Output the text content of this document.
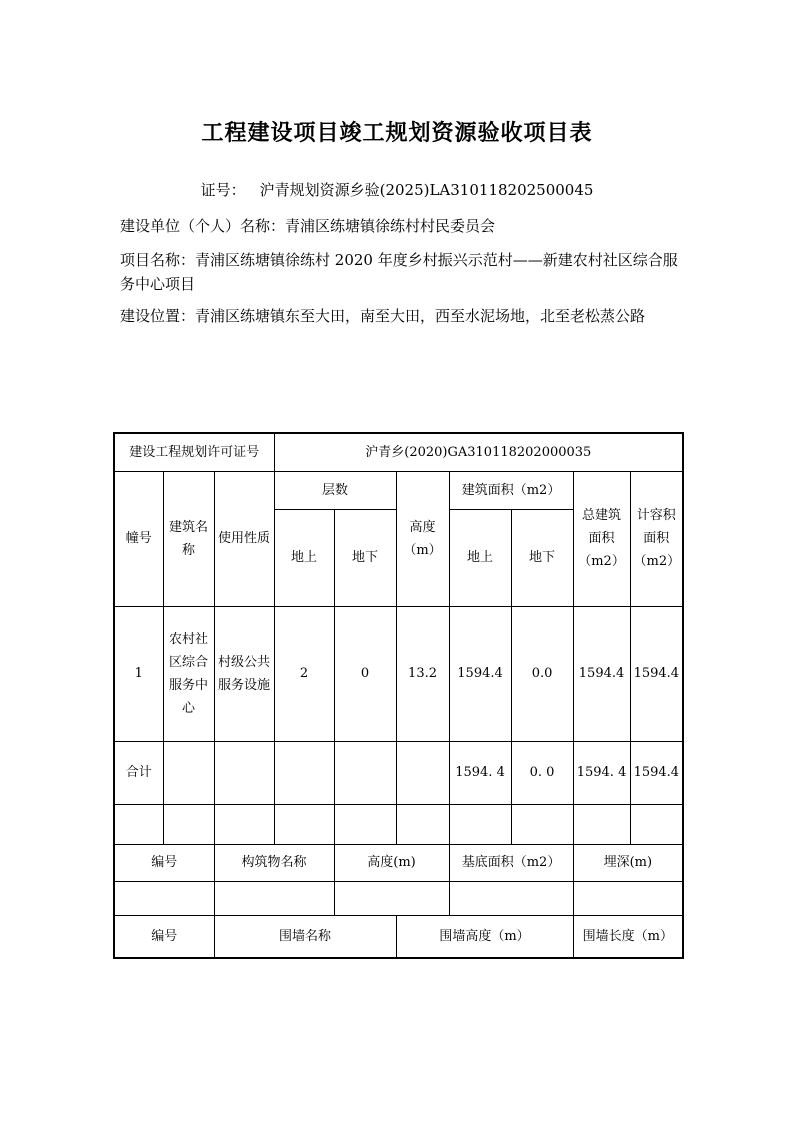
工程建设项目竣工规划资源验收项目表
证号： 沪青规划资源乡验(2025)LA310118202500045
建设单位（个人）名称：青浦区练塘镇徐练村村民委员会
项目名称：青浦区练塘镇徐练村 2020 年度乡村振兴示范村——新建农村社区综合服务中心项目
建设位置：青浦区练塘镇东至大田，南至大田，西至水泥场地，北至老松蒸公路
建设工程规划许可证号			沪青乡(2020)GA310118202000035						
幢号	建筑名称	使用性质	层数		高度（m）	建筑面积（m2）		总建筑面积（m2）	计容积面积（m2）
			地上	地下		地上	地下		
1	农村社区综合服务中心	村级公共服务设施	2	0	13.2	1594.4	0.0	1594.4	1594.4
合计						1594. 4	0. 0	1594. 4	1594.4

编号		构筑物名称		高度(m)		基底面积（m2）		埋深(m)	

编号		围墙名称			围墙高度（m）			围墙长度（m）	
